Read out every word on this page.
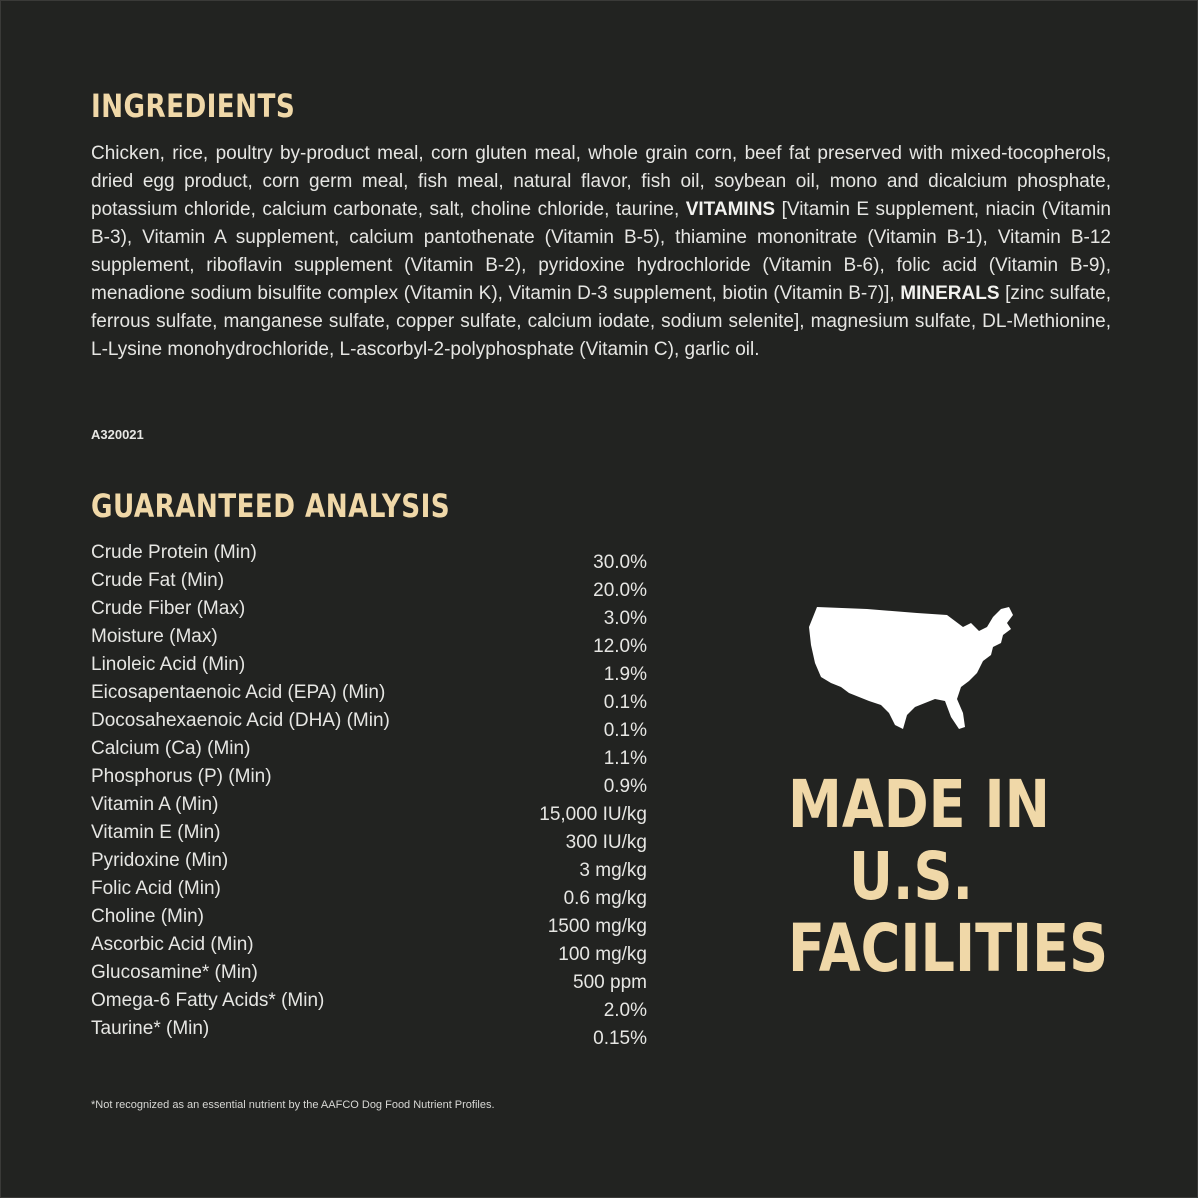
INGREDIENTS
Chicken, rice, poultry by-product meal, corn gluten meal, whole grain corn, beef fat preserved with mixed-tocopherols, dried egg product, corn germ meal, fish meal, natural flavor, fish oil, soybean oil, mono and dicalcium phosphate, potassium chloride, calcium carbonate, salt, choline chloride, taurine, VITAMINS [Vitamin E supplement, niacin (Vitamin B-3), Vitamin A supplement, calcium pantothenate (Vitamin B-5), thiamine mononitrate (Vitamin B-1), Vitamin B-12 supplement, riboflavin supplement (Vitamin B-2), pyridoxine hydrochloride (Vitamin B-6), folic acid (Vitamin B-9), menadione sodium bisulfite complex (Vitamin K), Vitamin D-3 supplement, biotin (Vitamin B-7)], MINERALS [zinc sulfate, ferrous sulfate, manganese sulfate, copper sulfate, calcium iodate, sodium selenite], magnesium sulfate, DL-Methionine, L-Lysine monohydrochloride, L-ascorbyl-2-polyphosphate (Vitamin C), garlic oil.
A320021
GUARANTEED ANALYSIS
Crude Protein (Min)	30.0%
Crude Fat (Min)	20.0%
Crude Fiber (Max)	3.0%
Moisture (Max)	12.0%
Linoleic Acid (Min)	1.9%
Eicosapentaenoic Acid (EPA) (Min)	0.1%
Docosahexaenoic Acid (DHA) (Min)	0.1%
Calcium (Ca) (Min)	1.1%
Phosphorus (P) (Min)	0.9%
Vitamin A (Min)	15,000 IU/kg
Vitamin E (Min)	300 IU/kg
Pyridoxine (Min)	3 mg/kg
Folic Acid (Min)	0.6 mg/kg
Choline (Min)	1500 mg/kg
Ascorbic Acid (Min)	100 mg/kg
Glucosamine* (Min)	500 ppm
Omega-6 Fatty Acids* (Min)	2.0%
Taurine* (Min)	0.15%
MADE IN
U.S.
FACILITIES
*Not recognized as an essential nutrient by the AAFCO Dog Food Nutrient Profiles.
